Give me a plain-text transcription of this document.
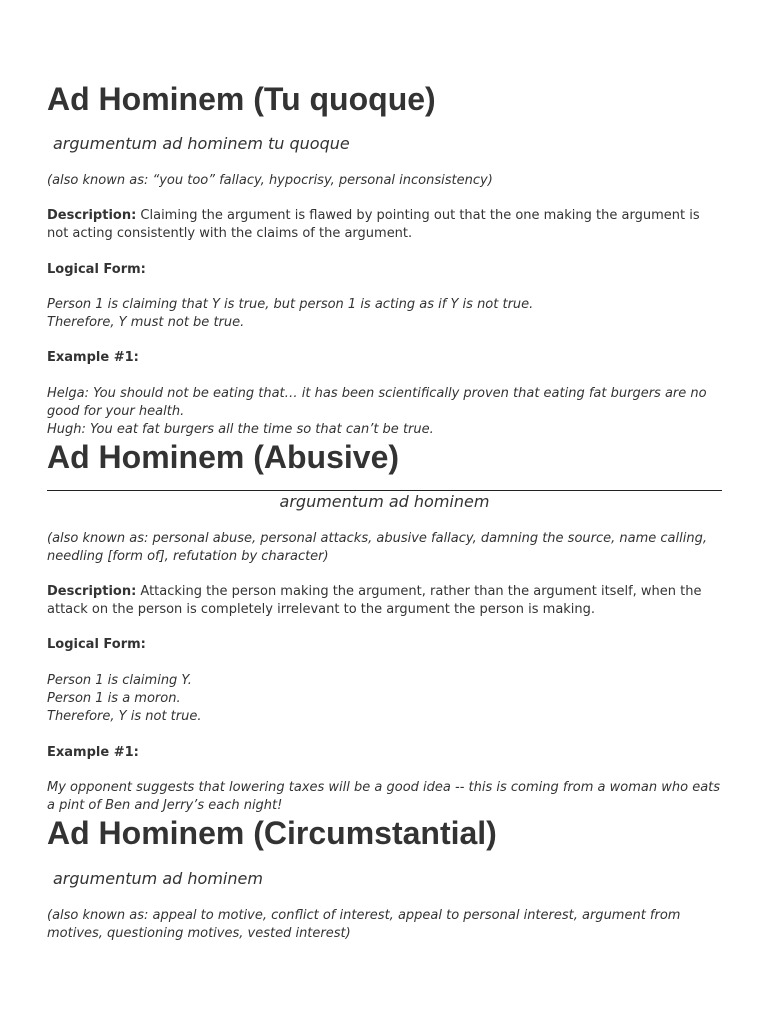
Ad Hominem (Tu quoque)

argumentum ad hominem tu quoque

(also known as: “you too” fallacy, hypocrisy, personal inconsistency)

Description: Claiming the argument is flawed by pointing out that the one making the argument is not acting consistently with the claims of the argument.

Logical Form:

Person 1 is claiming that Y is true, but person 1 is acting as if Y is not true.

Therefore, Y must not be true.

Example #1:

Helga: You should not be eating that… it has been scientifically proven that eating fat burgers are no good for your health.

Hugh: You eat fat burgers all the time so that can’t be true.

Ad Hominem (Abusive)

argumentum ad hominem

(also known as: personal abuse, personal attacks, abusive fallacy, damning the source, name calling, needling [form of], refutation by character)

Description: Attacking the person making the argument, rather than the argument itself, when the attack on the person is completely irrelevant to the argument the person is making.

Logical Form:

Person 1 is claiming Y.

Person 1 is a moron.

Therefore, Y is not true.

Example #1:

My opponent suggests that lowering taxes will be a good idea -- this is coming from a woman who eats a pint of Ben and Jerry’s each night!

Ad Hominem (Circumstantial)

argumentum ad hominem

(also known as: appeal to motive, conflict of interest, appeal to personal interest, argument from motives, questioning motives, vested interest)
